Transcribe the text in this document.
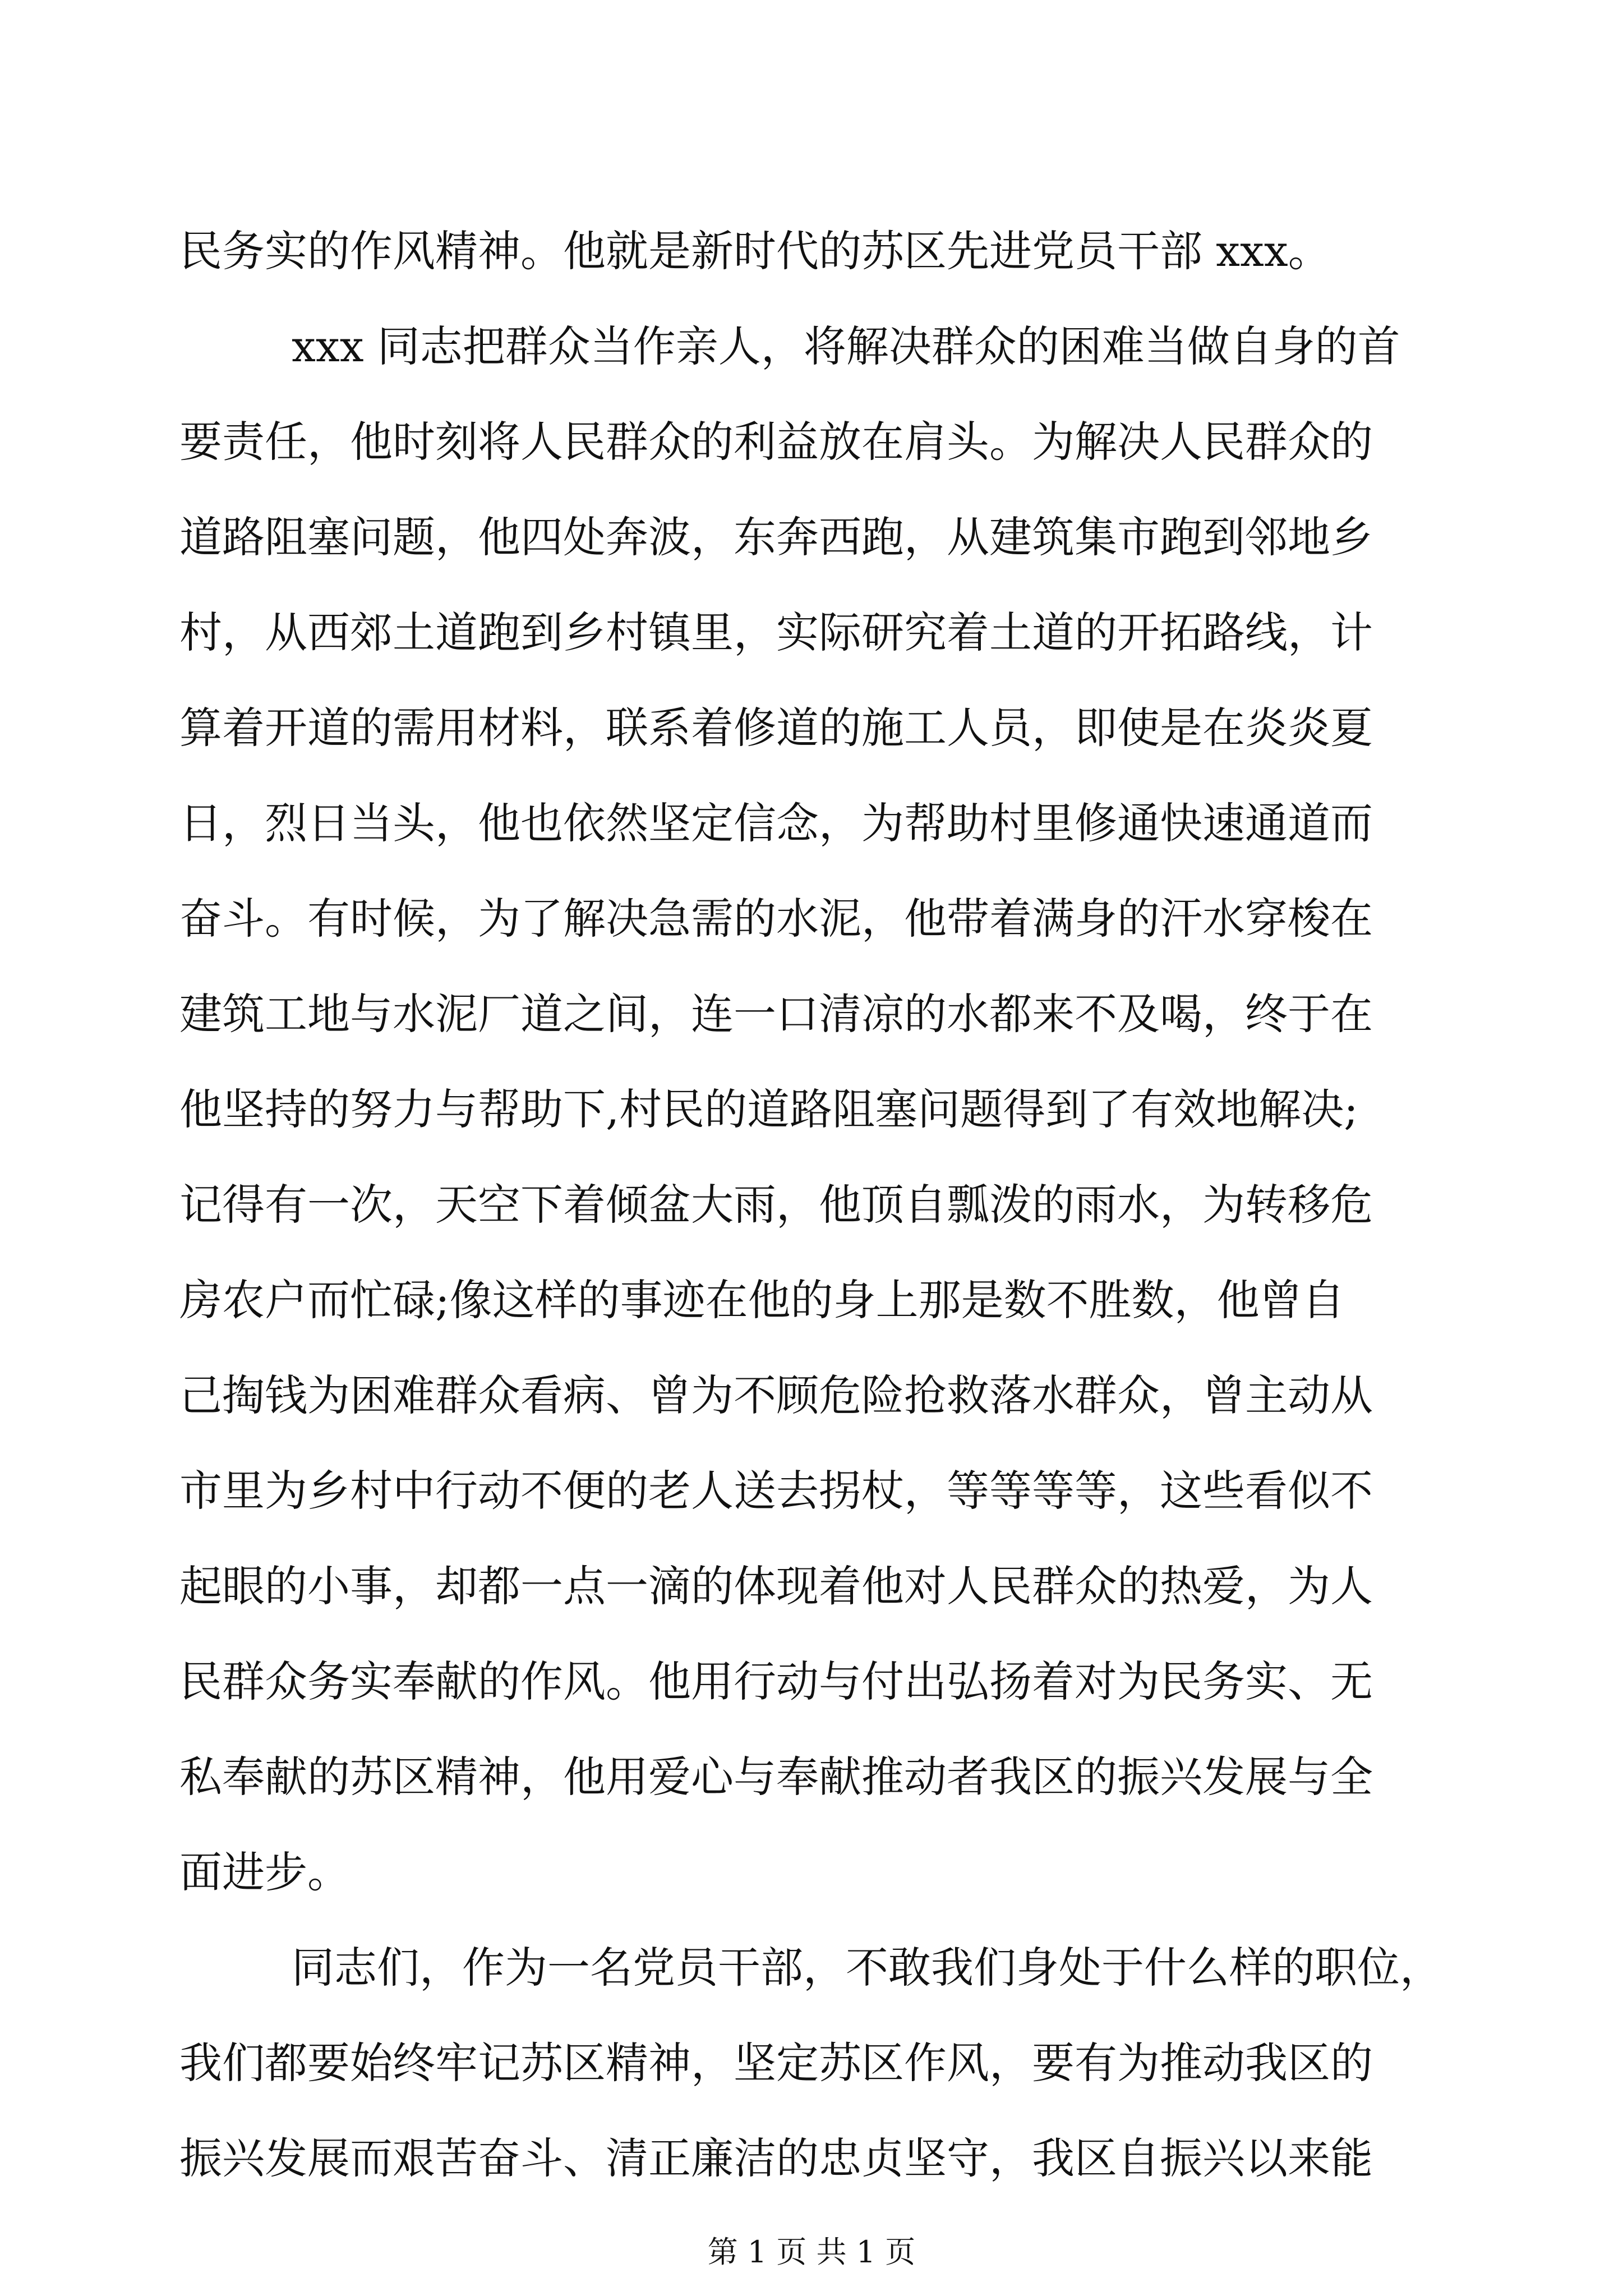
民务实的作风精神。他就是新时代的苏区先进党员干部 xxx。
xxx 同志把群众当作亲人，将解决群众的困难当做自身的首
要责任，他时刻将人民群众的利益放在肩头。为解决人民群众的
道路阻塞问题，他四处奔波，东奔西跑，从建筑集市跑到邻地乡
村，从西郊土道跑到乡村镇里，实际研究着土道的开拓路线，计
算着开道的需用材料，联系着修道的施工人员，即使是在炎炎夏
日，烈日当头，他也依然坚定信念，为帮助村里修通快速通道而
奋斗。有时候，为了解决急需的水泥，他带着满身的汗水穿梭在
建筑工地与水泥厂道之间，连一口清凉的水都来不及喝，终于在
他坚持的努力与帮助下,村民的道路阻塞问题得到了有效地解决;
记得有一次，天空下着倾盆大雨，他顶自瓢泼的雨水，为转移危
房农户而忙碌;像这样的事迹在他的身上那是数不胜数，他曾自
己掏钱为困难群众看病、曾为不顾危险抢救落水群众，曾主动从
市里为乡村中行动不便的老人送去拐杖，等等等等，这些看似不
起眼的小事，却都一点一滴的体现着他对人民群众的热爱，为人
民群众务实奉献的作风。他用行动与付出弘扬着对为民务实、无
私奉献的苏区精神，他用爱心与奉献推动者我区的振兴发展与全
面进步。
同志们，作为一名党员干部，不敢我们身处于什么样的职位，
我们都要始终牢记苏区精神，坚定苏区作风，要有为推动我区的
振兴发展而艰苦奋斗、清正廉洁的忠贞坚守，我区自振兴以来能
第 1 页 共 1 页
